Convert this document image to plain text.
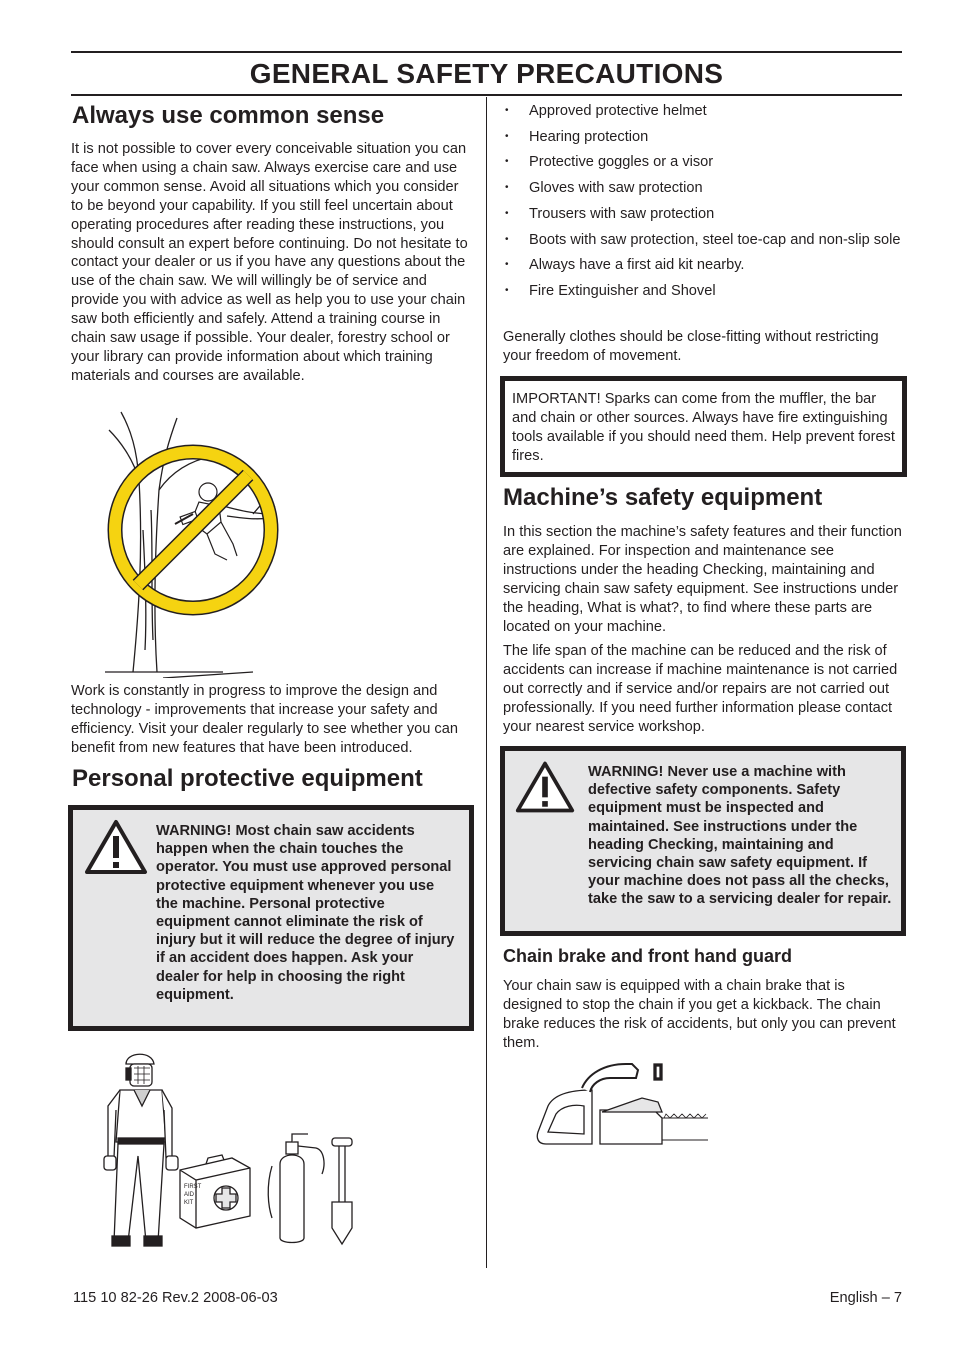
GENERAL SAFETY PRECAUTIONS
Always use common sense

It is not possible to cover every conceivable situation you can face when using a chain saw. Always exercise care and use your common sense. Avoid all situations which you consider to be beyond your capability. If you still feel uncertain about operating procedures after reading these instructions, you should consult an expert before continuing. Do not hesitate to contact your dealer or us if you have any questions about the use of the chain saw. We will willingly be of service and provide you with advice as well as help you to use your chain saw both efficiently and safely. Attend a training course in chain saw usage if possible. Your dealer, forestry school or your library can provide information about which training materials and courses are available.

Work is constantly in progress to improve the design and technology - improvements that increase your safety and efficiency. Visit your dealer regularly to see whether you can benefit from new features that have been introduced.

Personal protective equipment
WARNING! Most chain saw accidents happen when the chain touches the operator. You must use approved personal protective equipment whenever you use the machine. Personal protective equipment cannot eliminate the risk of injury but it will reduce the degree of injury if an accident does happen. Ask your dealer for help in choosing the right equipment.
FIRST
AID
KIT
• Approved protective helmet
• Hearing protection
• Protective goggles or a visor
• Gloves with saw protection
• Trousers with saw protection
• Boots with saw protection, steel toe-cap and non-slip sole
• Always have a first aid kit nearby.
• Fire Extinguisher and Shovel

Generally clothes should be close-fitting without restricting your freedom of movement.

IMPORTANT! Sparks can come from the muffler, the bar and chain or other sources. Always have fire extinguishing tools available if you should need them. Help prevent forest fires.
Machine’s safety equipment

In this section the machine’s safety features and their function are explained. For inspection and maintenance see instructions under the heading Checking, maintaining and servicing chain saw safety equipment. See instructions under the heading, What is what?, to find where these parts are located on your machine.

The life span of the machine can be reduced and the risk of accidents can increase if machine maintenance is not carried out correctly and if service and/or repairs are not carried out professionally. If you need further information please contact your nearest service workshop.

WARNING! Never use a machine with defective safety components. Safety equipment must be inspected and maintained. See instructions under the heading Checking, maintaining and servicing chain saw safety equipment. If your machine does not pass all the checks, take the saw to a servicing dealer for repair.
Chain brake and front hand guard

Your chain saw is equipped with a chain brake that is designed to stop the chain if you get a kickback. The chain brake reduces the risk of accidents, but only you can prevent them.

115 10 82-26 Rev.2 2008-06-03	English – 7
